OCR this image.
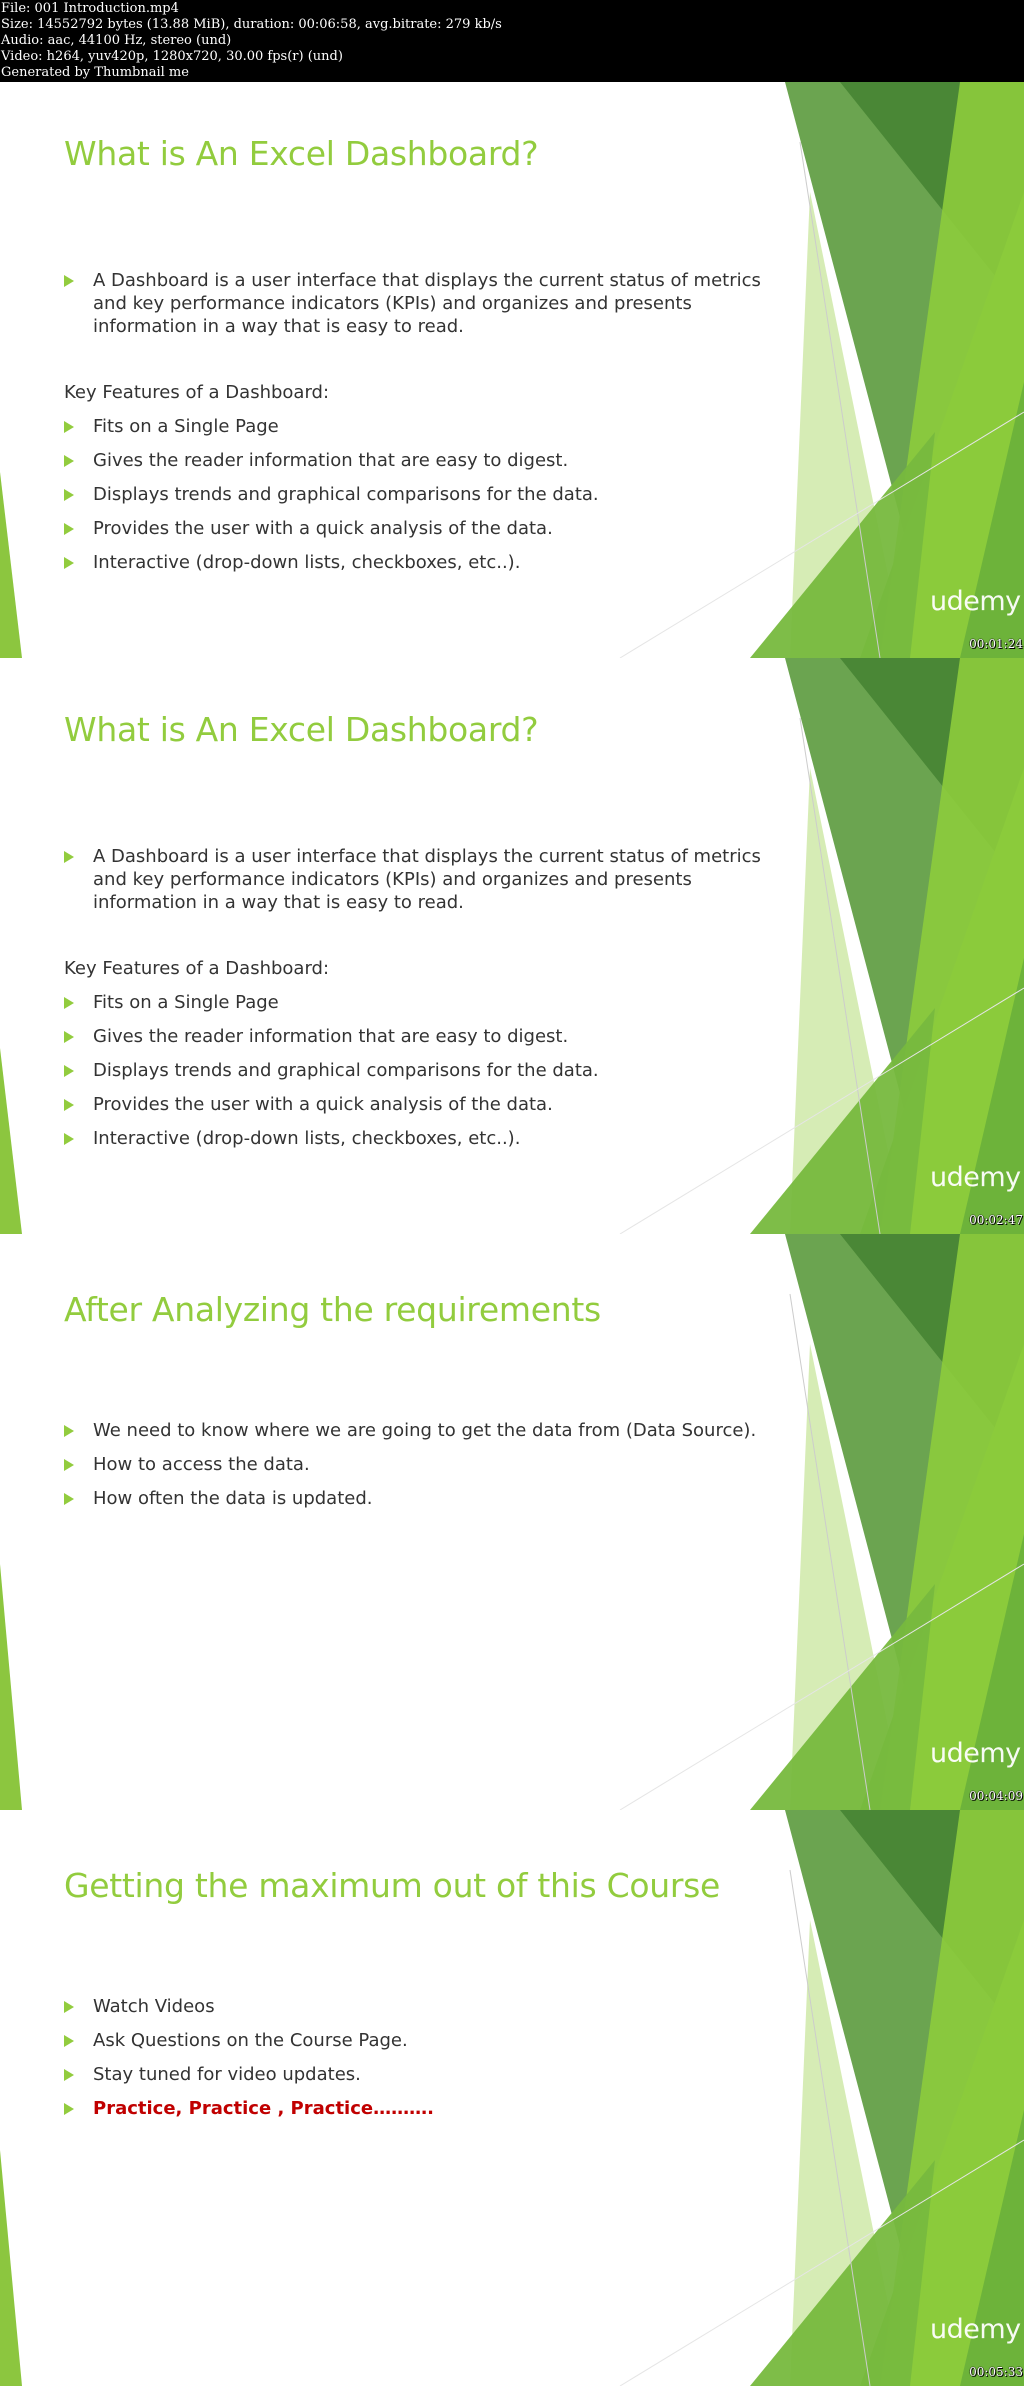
File: 001 Introduction.mp4
Size: 14552792 bytes (13.88 MiB), duration: 00:06:58, avg.bitrate: 279 kb/s
Audio: aac, 44100 Hz, stereo (und)
Video: h264, yuv420p, 1280x720, 30.00 fps(r) (und)
Generated by Thumbnail me
What is An Excel Dashboard?
A Dashboard is a user interface that displays the current status of metrics and key performance indicators (KPIs) and organizes and presents information in a way that is easy to read.
Key Features of a Dashboard:
Fits on a Single Page
Gives the reader information that are easy to digest.
Displays trends and graphical comparisons for the data.
Provides the user with a quick analysis of the data.
Interactive (drop-down lists, checkboxes, etc..).
udemy
00:01:24
What is An Excel Dashboard?
A Dashboard is a user interface that displays the current status of metrics and key performance indicators (KPIs) and organizes and presents information in a way that is easy to read.
Key Features of a Dashboard:
Fits on a Single Page
Gives the reader information that are easy to digest.
Displays trends and graphical comparisons for the data.
Provides the user with a quick analysis of the data.
Interactive (drop-down lists, checkboxes, etc..).
udemy
00:02:47
After Analyzing the requirements
We need to know where we are going to get the data from (Data Source).
How to access the data.
How often the data is updated.
udemy
00:04:09
Getting the maximum out of this Course
Watch Videos
Ask Questions on the Course Page.
Stay tuned for video updates.
Practice, Practice , Practice……….
udemy
00:05:33
